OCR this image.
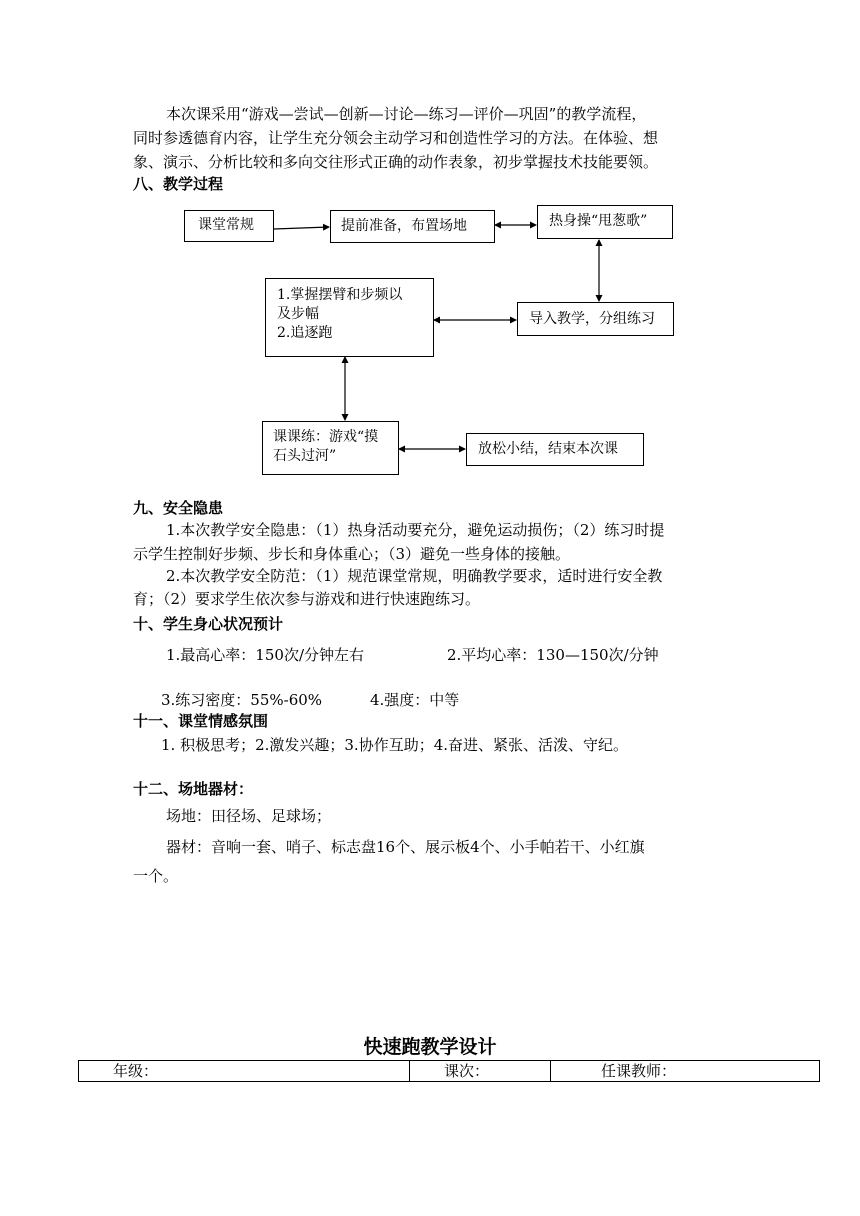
本次课采用“游戏—尝试—创新—讨论—练习—评价—巩固”的教学流程，
同时参透德育内容，让学生充分领会主动学习和创造性学习的方法。在体验、想
象、演示、分析比较和多向交往形式正确的动作表象，初步掌握技术技能要领。
八、教学过程
课堂常规	提前准备，布置场地	热身操“甩葱歌”
1.掌握摆臂和步频以
及步幅
2.追逐跑
导入教学，分组练习
课课练：游戏“摸
石头过河”	放松小结，结束本次课
九、安全隐患
1.本次教学安全隐患：（1）热身活动要充分，避免运动损伤；（2）练习时提
示学生控制好步频、步长和身体重心；（3）避免一些身体的接触。
2.本次教学安全防范：（1）规范课堂常规，明确教学要求，适时进行安全教
育；（2）要求学生依次参与游戏和进行快速跑练习。
十、学生身心状况预计
1.最高心率：150次/分钟左右	2.平均心率：130—150次/分钟
3.练习密度：55%-60%	4.强度：中等
十一、课堂情感氛围
1. 积极思考；2.激发兴趣；3.协作互助；4.奋进、紧张、活泼、守纪。
十二、场地器材：
场地：田径场、足球场；
器材：音响一套、哨子、标志盘16个、展示板4个、小手帕若干、小红旗
一个。
快速跑教学设计
年级：	课次：	任课教师：
